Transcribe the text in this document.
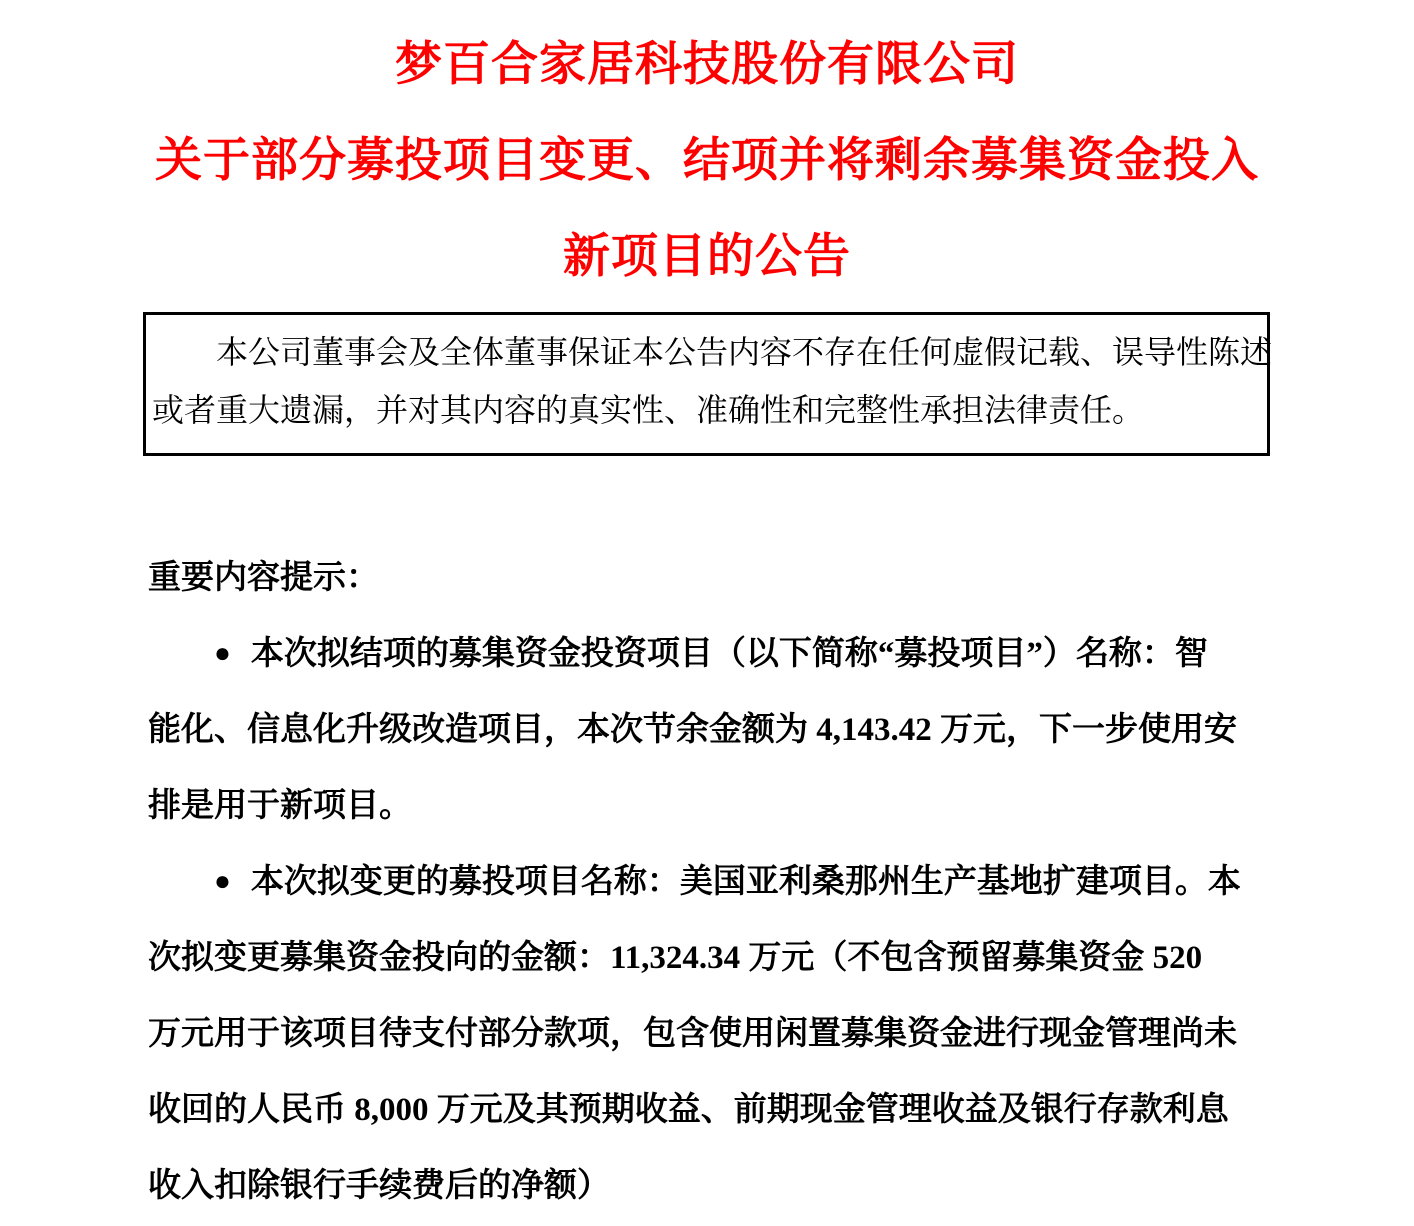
梦百合家居科技股份有限公司
关于部分募投项目变更、结项并将剩余募集资金投入
新项目的公告
本公司董事会及全体董事保证本公告内容不存在任何虚假记载、误导性陈述
或者重大遗漏，并对其内容的真实性、准确性和完整性承担法律责任。
重要内容提示：
● 本次拟结项的募集资金投资项目（以下简称“募投项目”）名称：智
能化、信息化升级改造项目，本次节余金额为 4,143.42 万元，下一步使用安
排是用于新项目。
● 本次拟变更的募投项目名称：美国亚利桑那州生产基地扩建项目。本
次拟变更募集资金投向的金额：11,324.34 万元（不包含预留募集资金 520
万元用于该项目待支付部分款项，包含使用闲置募集资金进行现金管理尚未
收回的人民币 8,000 万元及其预期收益、前期现金管理收益及银行存款利息
收入扣除银行手续费后的净额）
